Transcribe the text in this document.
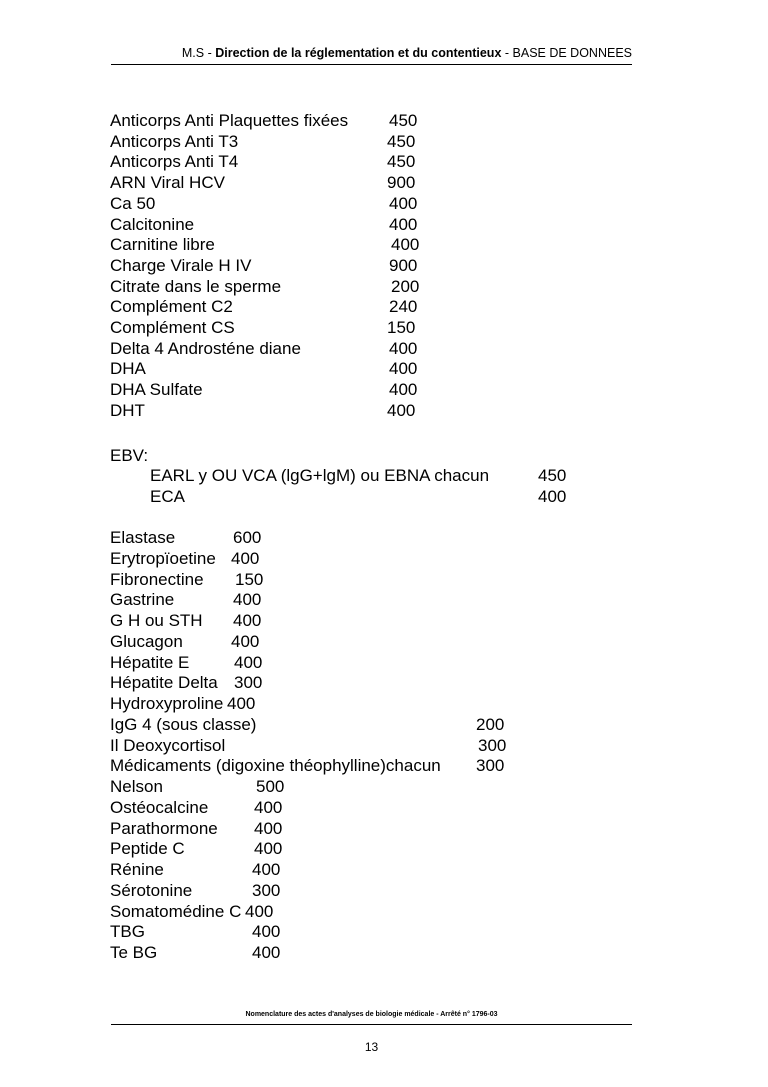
M.S - Direction de la réglementation et du contentieux - BASE DE DONNEES
Anticorps Anti Plaquettes fixées 450
Anticorps Anti T3	450
Anticorps Anti T4	450
ARN Viral HCV	900
Ca 50	400
Calcitonine	400
Carnitine libre	400
Charge Virale H IV	900
Citrate dans le sperme	200
Complément C2	240
Complément CS	150
Delta 4 Androsténe diane	400
DHA	400
DHA Sulfate	400
DHT	400
EBV:
EARL y OU VCA (lgG+lgM) ou EBNA chacun	450
ECA	400
Elastase	600
Erytropïoetine 400
Fibronectine 150
Gastrine	400
G H ou STH 400
Glucagon	400
Hépatite E	400
Hépatite Delta 300
Hydroxyproline 400
IgG 4 (sous classe)	200
Il Deoxycortisol	300
Médicaments (digoxine théophylline)chacun 300
Nelson	500
Ostéocalcine	400
Parathormone 400
Peptide C	400
Rénine	400
Sérotonine	300
Somatomédine C 400
TBG	400
Te BG	400
Nomenclature des actes d'analyses de biologie médicale - Arrêté n° 1796-03
13
